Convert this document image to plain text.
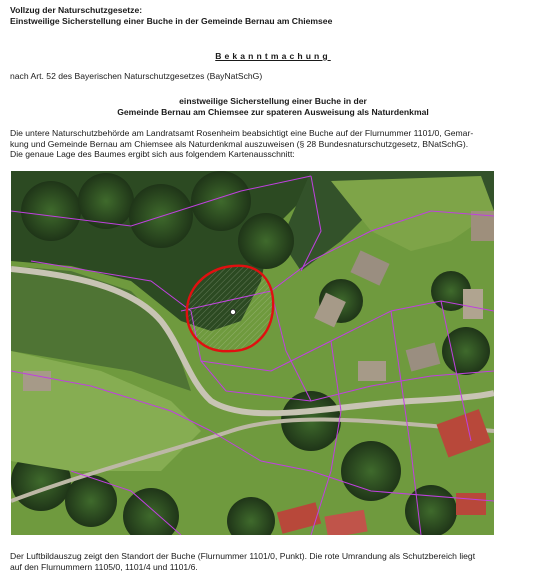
Vollzug der Naturschutzgesetze:
Einstweilige Sicherstellung einer Buche in der Gemeinde Bernau am Chiemsee
Bekanntmachung
nach Art. 52 des Bayerischen Naturschutzgesetzes (BayNatSchG)
einstweilige Sicherstellung einer Buche in der
Gemeinde Bernau am Chiemsee zur spateren Ausweisung als Naturdenkmal
Die untere Naturschutzbehörde am Landratsamt Rosenheim beabsichtigt eine Buche auf der Flurnummer 1101/0, Gemar-
kung und Gemeinde Bernau am Chiemsee als Naturdenkmal auszuweisen (§ 28 Bundesnaturschutzgesetz, BNatSchG).
Die genaue Lage des Baumes ergibt sich aus folgendem Kartenausschnitt:
Der Luftbildauszug zeigt den Standort der Buche (Flurnummer 1101/0, Punkt). Die rote Umrandung als Schutzbereich liegt
auf den Flurnummern 1105/0, 1101/4 und 1101/6.
